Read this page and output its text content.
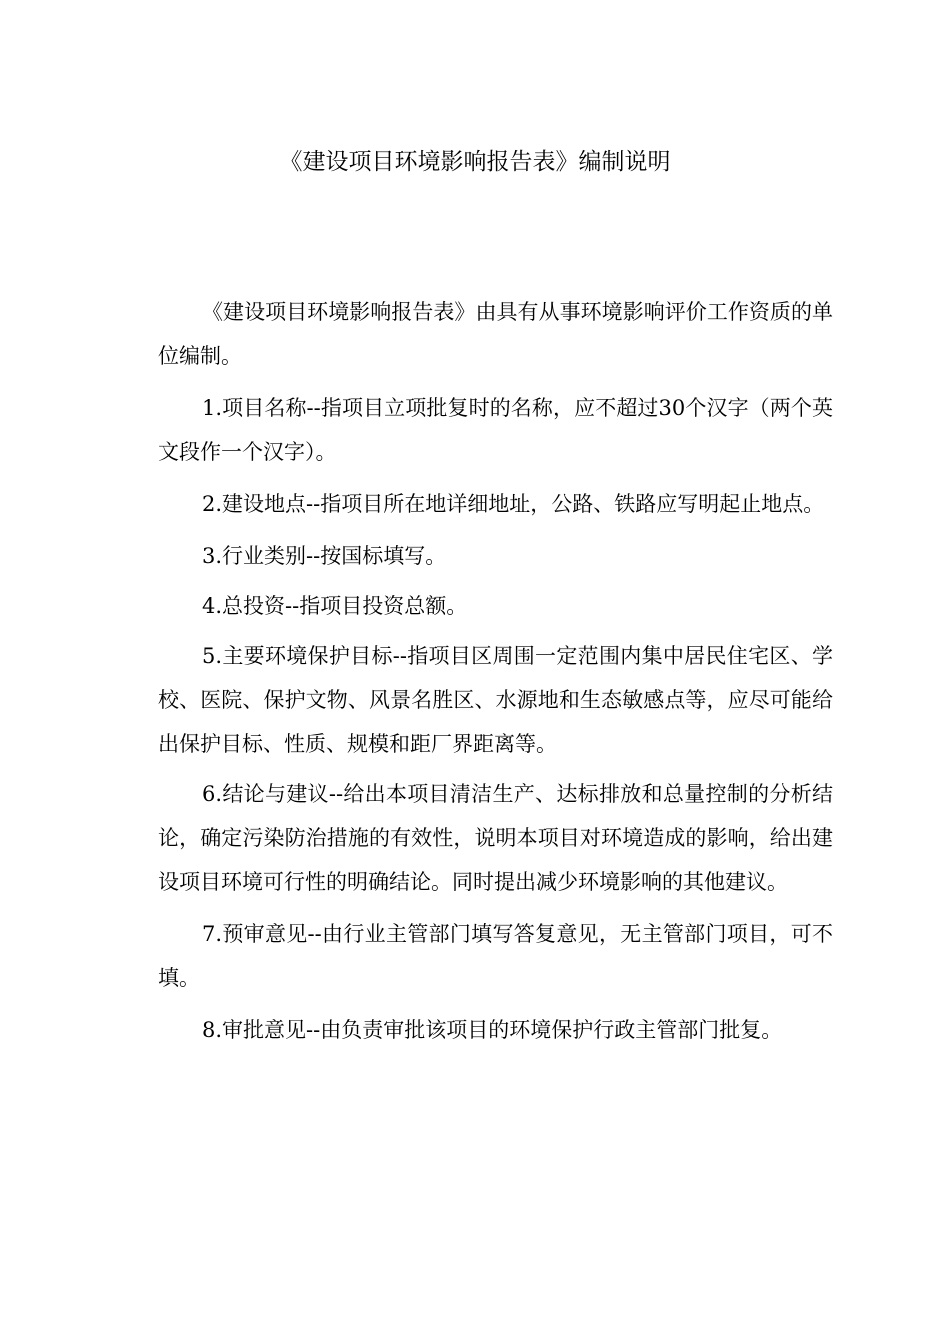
《建设项目环境影响报告表》编制说明

《建设项目环境影响报告表》由具有从事环境影响评价工作资质的单位编制。

1.项目名称--指项目立项批复时的名称，应不超过30个汉字（两个英文段作一个汉字）。

2.建设地点--指项目所在地详细地址，公路、铁路应写明起止地点。

3.行业类别--按国标填写。

4.总投资--指项目投资总额。

5.主要环境保护目标--指项目区周围一定范围内集中居民住宅区、学校、医院、保护文物、风景名胜区、水源地和生态敏感点等，应尽可能给出保护目标、性质、规模和距厂界距离等。

6.结论与建议--给出本项目清洁生产、达标排放和总量控制的分析结论，确定污染防治措施的有效性，说明本项目对环境造成的影响，给出建设项目环境可行性的明确结论。同时提出减少环境影响的其他建议。

7.预审意见--由行业主管部门填写答复意见，无主管部门项目，可不填。

8.审批意见--由负责审批该项目的环境保护行政主管部门批复。
